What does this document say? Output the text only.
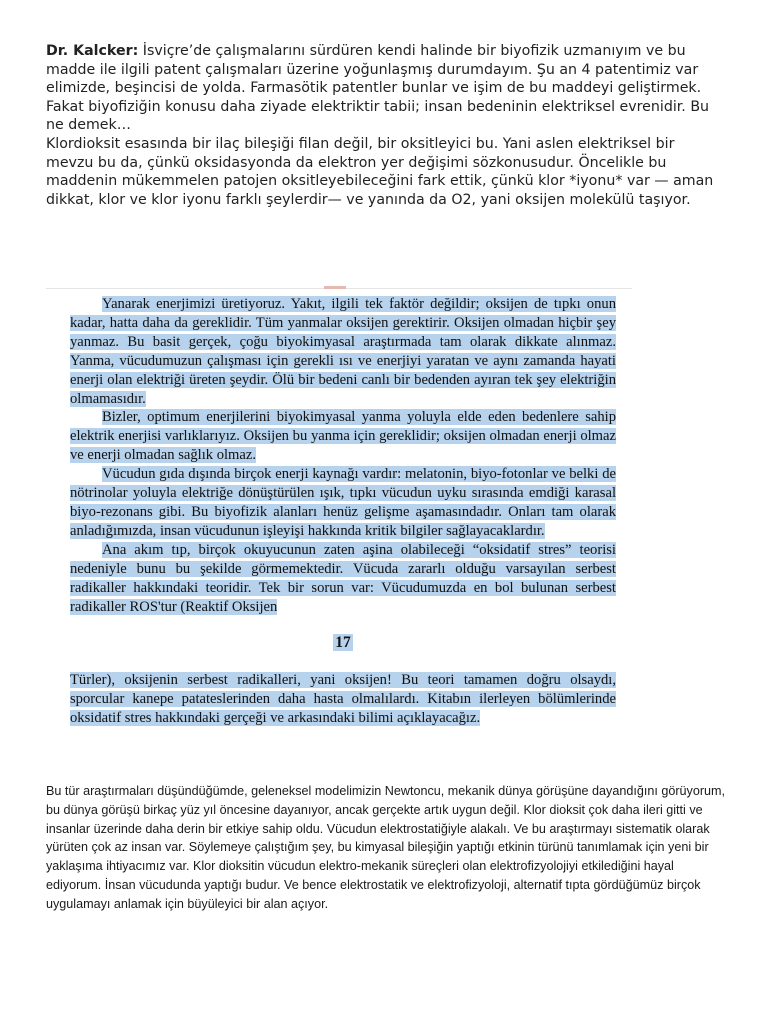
Dr. Kalcker: İsviçre’de çalışmalarını sürdüren kendi halinde bir biyofizik uzmanıyım ve bu madde ile ilgili patent çalışmaları üzerine yoğunlaşmış durumdayım. Şu an 4 patentimiz var elimizde, beşincisi de yolda. Farmasötik patentler bunlar ve işim de bu maddeyi geliştirmek. Fakat biyofiziğin konusu daha ziyade elektriktir tabii; insan bedeninin elektriksel evrenidir. Bu ne demek…

Klordioksit esasında bir ilaç bileşiği filan değil, bir oksitleyici bu. Yani aslen elektriksel bir mevzu bu da, çünkü oksidasyonda da elektron yer değişimi sözkonusudur. Öncelikle bu maddenin mükemmelen patojen oksitleyebileceğini fark ettik, çünkü klor *iyonu* var — aman dikkat, klor ve klor iyonu farklı şeylerdir— ve yanında da O2, yani oksijen molekülü taşıyor.

Yanarak enerjimizi üretiyoruz. Yakıt, ilgili tek faktör değildir; oksijen de tıpkı onun kadar, hatta daha da gereklidir. Tüm yanmalar oksijen gerektirir. Oksijen olmadan hiçbir şey yanmaz. Bu basit gerçek, çoğu biyokimyasal araştırmada tam olarak dikkate alınmaz. Yanma, vücudumuzun çalışması için gerekli ısı ve enerjiyi yaratan ve aynı zamanda hayati enerji olan elektriği üreten şeydir. Ölü bir bedeni canlı bir bedenden ayıran tek şey elektriğin olmamasıdır.

Bizler, optimum enerjilerini biyokimyasal yanma yoluyla elde eden bedenlere sahip elektrik enerjisi varlıklarıyız. Oksijen bu yanma için gereklidir; oksijen olmadan enerji olmaz ve enerji olmadan sağlık olmaz.

Vücudun gıda dışında birçok enerji kaynağı vardır: melatonin, biyo-fotonlar ve belki de nötrinolar yoluyla elektriğe dönüştürülen ışık, tıpkı vücudun uyku sırasında emdiği karasal biyo-rezonans gibi. Bu biyofizik alanları henüz gelişme aşamasındadır. Onları tam olarak anladığımızda, insan vücudunun işleyişi hakkında kritik bilgiler sağlayacaklardır.

Ana akım tıp, birçok okuyucunun zaten aşina olabileceği “oksidatif stres” teorisi nedeniyle bunu bu şekilde görmemektedir. Vücuda zararlı olduğu varsayılan serbest radikaller hakkındaki teoridir. Tek bir sorun var: Vücudumuzda en bol bulunan serbest radikaller ROS'tur (Reaktif Oksijen

17

Türler), oksijenin serbest radikalleri, yani oksijen! Bu teori tamamen doğru olsaydı, sporcular kanepe patateslerinden daha hasta olmalılardı. Kitabın ilerleyen bölümlerinde oksidatif stres hakkındaki gerçeği ve arkasındaki bilimi açıklayacağız.

Bu tür araştırmaları düşündüğümde, geleneksel modelimizin Newtoncu, mekanik dünya görüşüne dayandığını görüyorum, bu dünya görüşü birkaç yüz yıl öncesine dayanıyor, ancak gerçekte artık uygun değil. Klor dioksit çok daha ileri gitti ve insanlar üzerinde daha derin bir etkiye sahip oldu. Vücudun elektrostatiğiyle alakalı. Ve bu araştırmayı sistematik olarak yürüten çok az insan var. Söylemeye çalıştığım şey, bu kimyasal bileşiğin yaptığı etkinin türünü tanımlamak için yeni bir yaklaşıma ihtiyacımız var. Klor dioksitin vücudun elektro-mekanik süreçleri olan elektrofizyolojiyi etkilediğini hayal ediyorum. İnsan vücudunda yaptığı budur. Ve bence elektrostatik ve elektrofizyoloji, alternatif tıpta gördüğümüz birçok uygulamayı anlamak için büyüleyici bir alan açıyor.
